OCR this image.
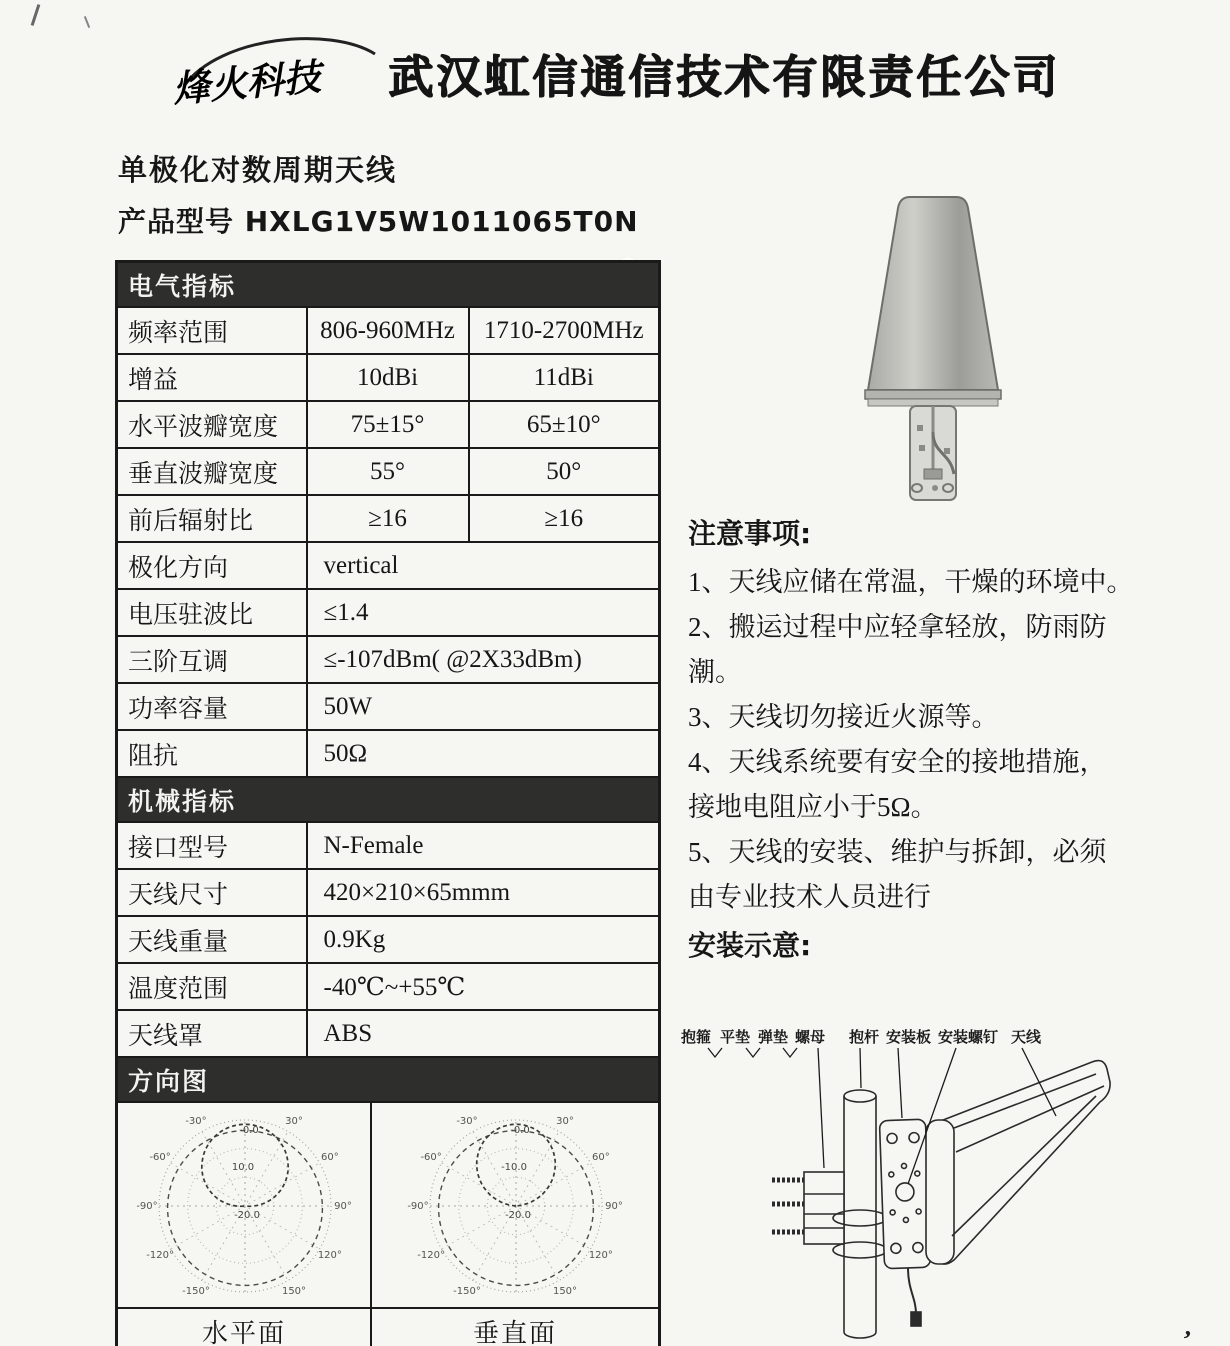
,
烽火科技 武汉虹信通信技术有限责任公司
单极化对数周期天线
产品型号 HXLG1V5W1011065T0N
电气指标		
频率范围	806-960MHz	1710-2700MHz
增益	10dBi	11dBi
水平波瓣宽度	75±15°	65±10°
垂直波瓣宽度	55°	50°
前后辐射比	≥16	≥16
极化方向	vertical	
电压驻波比	≤1.4	
三阶互调	≤-107dBm( @2X33dBm)	
功率容量	50W	
阻抗	50Ω	
机械指标		
接口型号	N-Female	
天线尺寸	420×210×65mmm	
天线重量	0.9Kg	
温度范围	-40℃~+55℃	
天线罩	ABS	
方向图		

-30°	30°
-60°	60°
-90°	90°
-120°	120°
-150°	150°
-0.0
10.0
-20.0
-30°	30°
-60°	60°
-90°	90°
-120°	120°
-150°	150°
-0.0
-10.0
-20.0
水平面	垂直面
注意事项:
1、天线应储在常温，干燥的环境中。
2、搬运过程中应轻拿轻放，防雨防
潮。
3、天线切勿接近火源等。
4、天线系统要有安全的接地措施，
接地电阻应小于5Ω。
5、天线的安装、维护与拆卸，必须
由专业技术人员进行
安装示意:
抱箍 平垫 弹垫 螺母 抱杆 安装板 安装螺钉 天线
